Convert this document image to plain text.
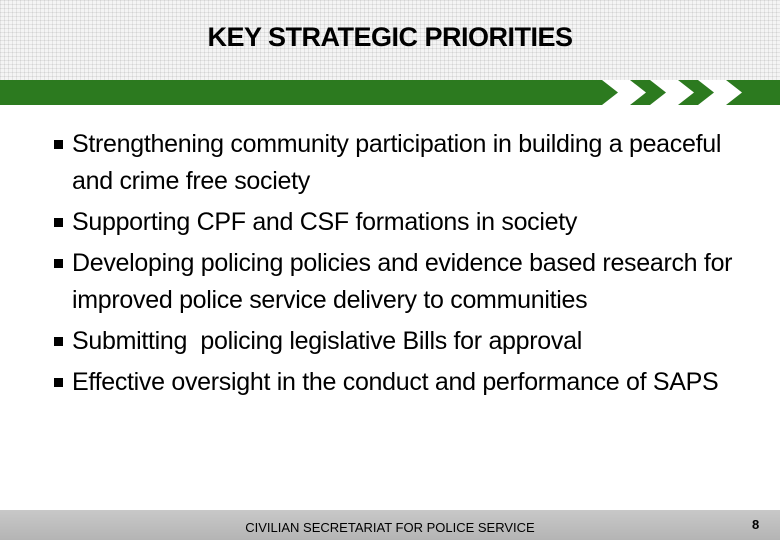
KEY STRATEGIC PRIORITIES
Strengthening community participation in building a peaceful and crime free society
Supporting CPF and CSF formations in society
Developing policing policies and evidence based research for improved police service delivery to communities
Submitting  policing legislative Bills for approval
Effective oversight in the conduct and performance of SAPS
CIVILIAN SECRETARIAT FOR POLICE SERVICE	8
